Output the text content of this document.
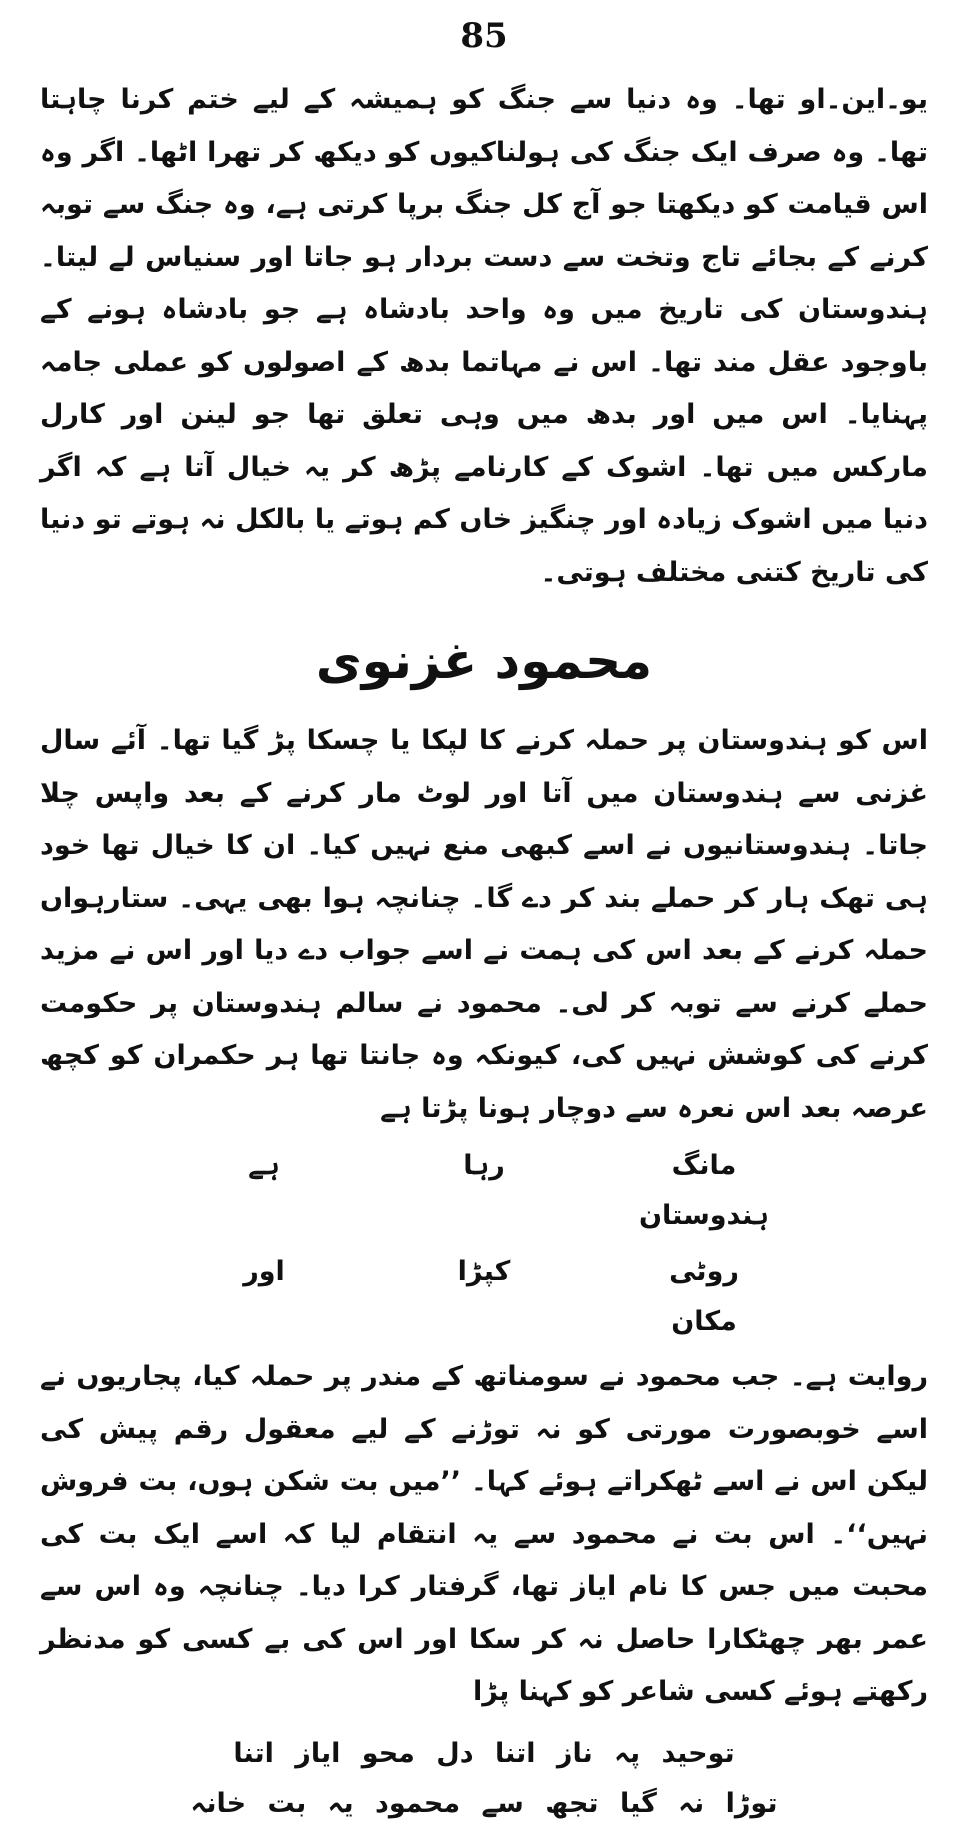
85

یو۔این۔او تھا۔ وہ دنیا سے جنگ کو ہمیشہ کے لیے ختم کرنا چاہتا تھا۔ وہ صرف ایک جنگ کی ہولناکیوں کو دیکھ کر تھرا اٹھا۔ اگر وہ اس قیامت کو دیکھتا جو آج کل جنگ برپا کرتی ہے، وہ جنگ سے توبہ کرنے کے بجائے تاج وتخت سے دست بردار ہو جاتا اور سنیاس لے لیتا۔ ہندوستان کی تاریخ میں وہ واحد بادشاہ ہے جو بادشاہ ہونے کے باوجود عقل مند تھا۔ اس نے مہاتما بدھ کے اصولوں کو عملی جامہ پہنایا۔ اس میں اور بدھ میں وہی تعلق تھا جو لینن اور کارل مارکس میں تھا۔ اشوک کے کارنامے پڑھ کر یہ خیال آتا ہے کہ اگر دنیا میں اشوک زیادہ اور چنگیز خاں کم ہوتے یا بالکل نہ ہوتے تو دنیا کی تاریخ کتنی مختلف ہوتی۔

محمود غزنوی

اس کو ہندوستان پر حملہ کرنے کا لپکا یا چسکا پڑ گیا تھا۔ آئے سال غزنی سے ہندوستان میں آتا اور لوٹ مار کرنے کے بعد واپس چلا جاتا۔ ہندوستانیوں نے اسے کبھی منع نہیں کیا۔ ان کا خیال تھا خود ہی تھک ہار کر حملے بند کر دے گا۔ چنانچہ ہوا بھی یہی۔ ستارہواں حملہ کرنے کے بعد اس کی ہمت نے اسے جواب دے دیا اور اس نے مزید حملے کرنے سے توبہ کر لی۔ محمود نے سالم ہندوستان پر حکومت کرنے کی کوشش نہیں کی، کیونکہ وہ جانتا تھا ہر حکمران کو کچھ عرصہ بعد اس نعرہ سے دوچار ہونا پڑتا ہے

مانگ
رہا
ہے
ہندوستان
روٹی
کپڑا
اور
مکان

روایت ہے۔ جب محمود نے سومناتھ کے مندر پر حملہ کیا، پجاریوں نے اسے خوبصورت مورتی کو نہ توڑنے کے لیے معقول رقم پیش کی لیکن اس نے اسے ٹھکراتے ہوئے کہا۔ ’’میں بت شکن ہوں، بت فروش نہیں‘‘۔ اس بت نے محمود سے یہ انتقام لیا کہ اسے ایک بت کی محبت میں جس کا نام ایاز تھا، گرفتار کرا دیا۔ چنانچہ وہ اس سے عمر بھر چھٹکارا حاصل نہ کر سکا اور اس کی بے کسی کو مدنظر رکھتے ہوئے کسی شاعر کو کہنا پڑا

توحید پہ ناز اتنا دل محو ایاز اتنا
توڑا نہ گیا تجھ سے محمود یہ بت خانہ
